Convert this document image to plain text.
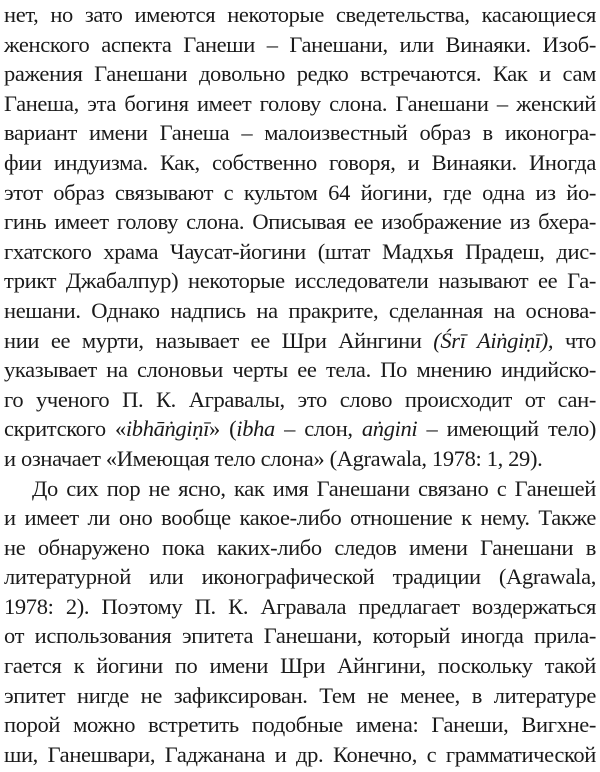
нет, но зато имеются некоторые сведетельства, касающиеся
женского аспекта Ганеши – Ганешани, или Винаяки. Изоб-
ражения Ганешани довольно редко встречаются. Как и сам
Ганеша, эта богиня имеет голову слона. Ганешани – женский
вариант имени Ганеша – малоизвестный образ в иконогра-
фии индуизма. Как, собственно говоря, и Винаяки. Иногда
этот образ связывают с культом 64 йогини, где одна из йо-
гинь имеет голову слона. Описывая ее изображение из бхера-
гхатского храма Чаусат-йогини (штат Мадхья Прадеш, дис-
трикт Джабалпур) некоторые исследователи называют ее Га-
нешани. Однако надпись на пракрите, сделанная на основа-
нии ее мурти, называет ее Шри Айнгини (Śrī Aiṅgiṇī), что
указывает на слоновьи черты ее тела. По мнению индийско-
го ученого П. К. Агравалы, это слово происходит от сан-
скритского «ibhāṅgiṇī» (ibha – слон, aṅgini – имеющий тело)
и означает «Имеющая тело слона» (Agrawala, 1978: 1, 29).
До сих пор не ясно, как имя Ганешани связано с Ганешей
и имеет ли оно вообще какое-либо отношение к нему. Также
не обнаружено пока каких-либо следов имени Ганешани в
литературной или иконографической традиции (Agrawala,
1978: 2). Поэтому П. К. Агравала предлагает воздержаться
от использования эпитета Ганешани, который иногда прила-
гается к йогини по имени Шри Айнгини, поскольку такой
эпитет нигде не зафиксирован. Тем не менее, в литературе
порой можно встретить подобные имена: Ганеши, Вигхне-
ши, Ганешвари, Гаджанана и др. Конечно, с грамматической
